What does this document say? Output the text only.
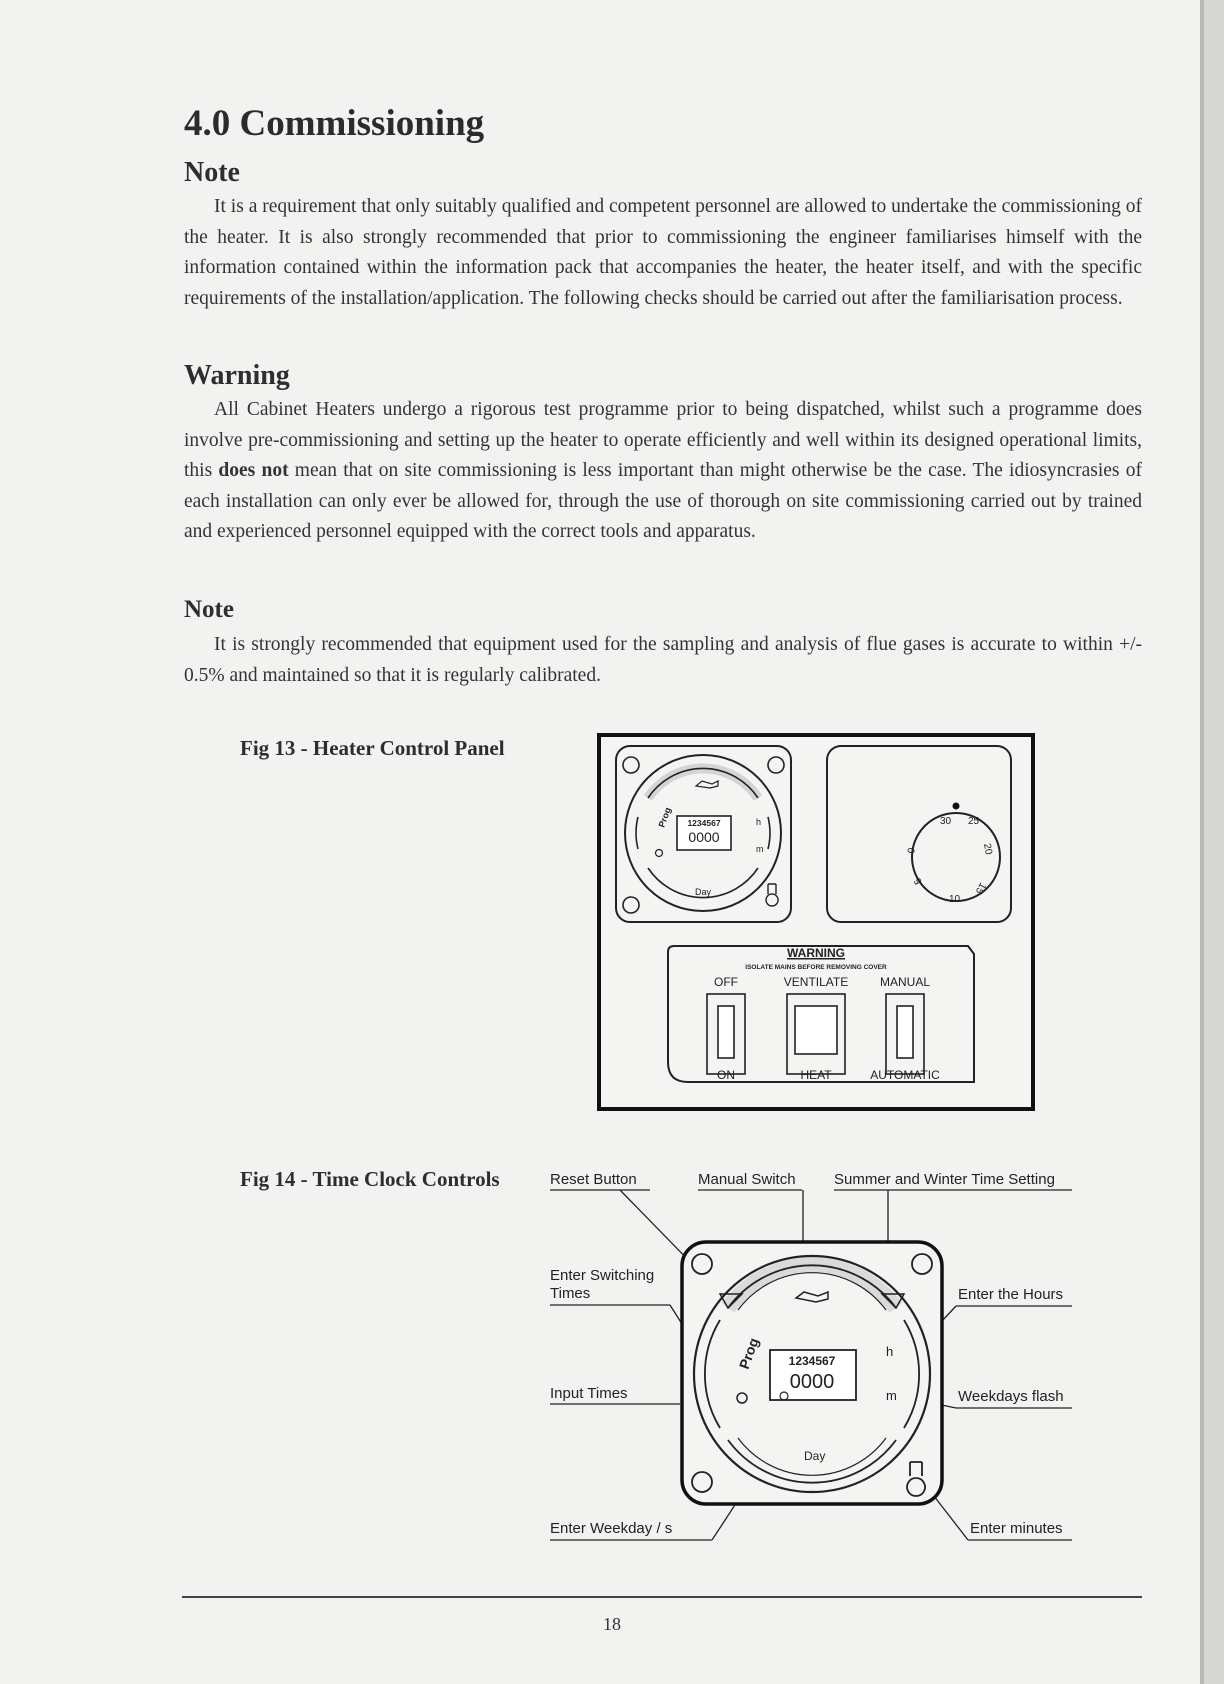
4.0 Commissioning
Note

It is a requirement that only suitably qualified and competent personnel are allowed to undertake the commissioning of the heater. It is also strongly recommended that prior to commissioning the engineer familiarises himself with the information contained within the information pack that accompanies the heater, the heater itself, and with the specific requirements of the installation/application. The following checks should be carried out after the familiarisation process.

Warning

All Cabinet Heaters undergo a rigorous test programme prior to being dispatched, whilst such a programme does involve pre-commissioning and setting up the heater to operate efficiently and well within its designed operational limits, this does not mean that on site commissioning is less important than might otherwise be the case. The idiosyncrasies of each installation can only ever be allowed for, through the use of thorough on site commissioning carried out by trained and experienced personnel equipped with the correct tools and apparatus.

Note

It is strongly recommended that equipment used for the sampling and analysis of flue gases is accurate to within +/- 0.5% and maintained so that it is regularly calibrated.

Fig 13 - Heater Control Panel
1234567
0000
Prog
Day
h
m
30 25
20
15
10
5
0
WARNING
ISOLATE MAINS BEFORE REMOVING COVER
OFF	VENTILATE	MANUAL
ON	HEAT	AUTOMATIC
Fig 14 - Time Clock Controls	Reset Button	Manual Switch	Summer and Winter Time Setting
Enter Switching
Times
Input Times
Enter Weekday / s
Enter the Hours
Weekdays flash
Enter minutes
1234567
0000
Prog
Day
h
m
18
